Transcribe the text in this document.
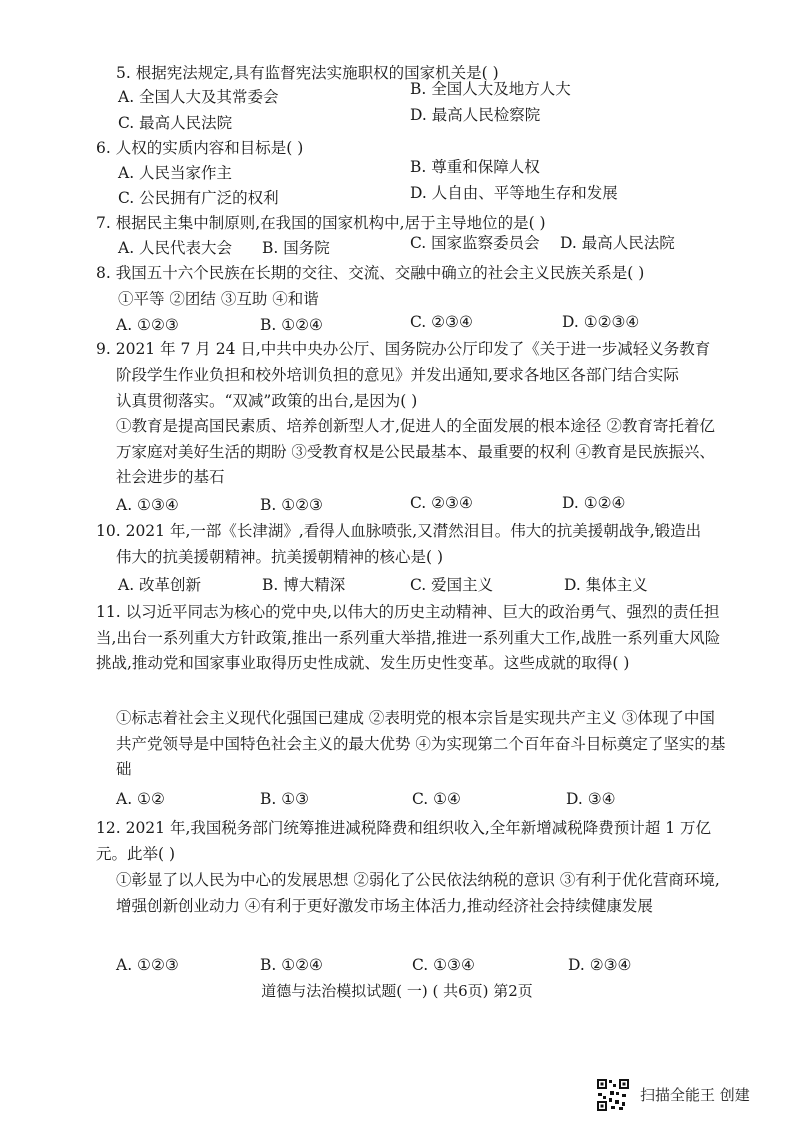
5. 根据宪法规定,具有监督宪法实施职权的国家机关是( )
A. 全国人大及其常委会	B. 全国人大及地方人大
C. 最高人民法院	D. 最高人民检察院
6. 人权的实质内容和目标是( )
A. 人民当家作主	B. 尊重和保障人权
C. 公民拥有广泛的权利	D. 人自由、平等地生存和发展
7. 根据民主集中制原则,在我国的国家机构中,居于主导地位的是( )
A. 人民代表大会 B. 国务院	C. 国家监察委员会 D. 最高人民法院
8. 我国五十六个民族在长期的交往、交流、交融中确立的社会主义民族关系是( )
①平等 ②团结 ③互助 ④和谐
A. ①②③	B. ①②④	C. ②③④	D. ①②③④
9. 2021 年 7 月 24 日,中共中央办公厅、国务院办公厅印发了《关于进一步减轻义务教育
阶段学生作业负担和校外培训负担的意见》并发出通知,要求各地区各部门结合实际
认真贯彻落实。“双减”政策的出台,是因为( )
①教育是提高国民素质、培养创新型人才,促进人的全面发展的根本途径 ②教育寄托着亿万家庭对美好生活的期盼 ③受教育权是公民最基本、最重要的权利 ④教育是民族振兴、社会进步的基石
A. ①③④	B. ①②③	C. ②③④	D. ①②④
10. 2021 年,一部《长津湖》,看得人血脉喷张,又潸然泪目。伟大的抗美援朝战争,锻造出
伟大的抗美援朝精神。抗美援朝精神的核心是( )
A. 改革创新	B. 博大精深	C. 爱国主义	D. 集体主义
11. 以习近平同志为核心的党中央,以伟大的历史主动精神、巨大的政治勇气、强烈的责任担当,出台一系列重大方针政策,推出一系列重大举措,推进一系列重大工作,战胜一系列重大风险挑战,推动党和国家事业取得历史性成就、发生历史性变革。这些成就的取得( )
①标志着社会主义现代化强国已建成 ②表明党的根本宗旨是实现共产主义 ③体现了中国共产党领导是中国特色社会主义的最大优势 ④为实现第二个百年奋斗目标奠定了坚实的基础
A. ①②	B. ①③	C. ①④	D. ③④
12. 2021 年,我国税务部门统筹推进减税降费和组织收入,全年新增减税降费预计超 1 万亿元。此举( )
①彰显了以人民为中心的发展思想 ②弱化了公民依法纳税的意识 ③有利于优化营商环境,增强创新创业动力 ④有利于更好激发市场主体活力,推动经济社会持续健康发展
A. ①②③	B. ①②④	C. ①③④	D. ②③④
道德与法治模拟试题( 一) ( 共6页) 第2页
扫描全能王 创建
